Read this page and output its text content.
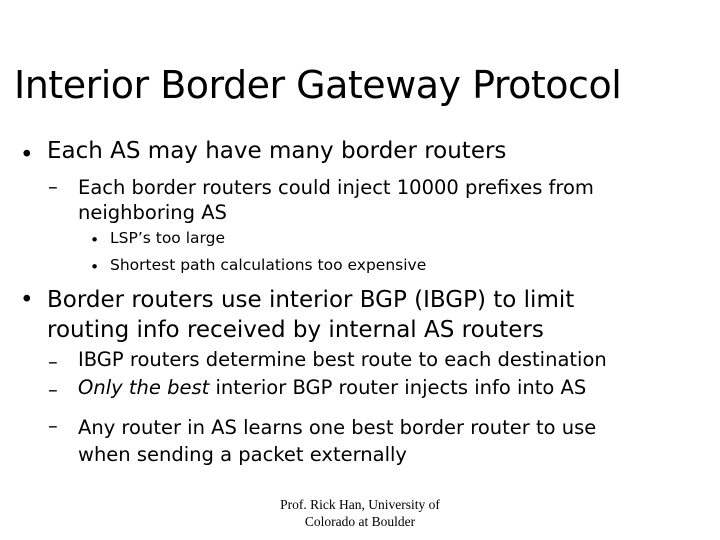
Interior Border Gateway Protocol
• Each AS may have many border routers
– Each border routers could inject 10000 prefixes from
neighboring AS
• LSP’s too large
• Shortest path calculations too expensive
• Border routers use interior BGP (IBGP) to limit
routing info received by internal AS routers
– IBGP routers determine best route to each destination
– Only the best interior BGP router injects info into AS
– Any router in AS learns one best border router to use
when sending a packet externally
Prof. Rick Han, University of
Colorado at Boulder
